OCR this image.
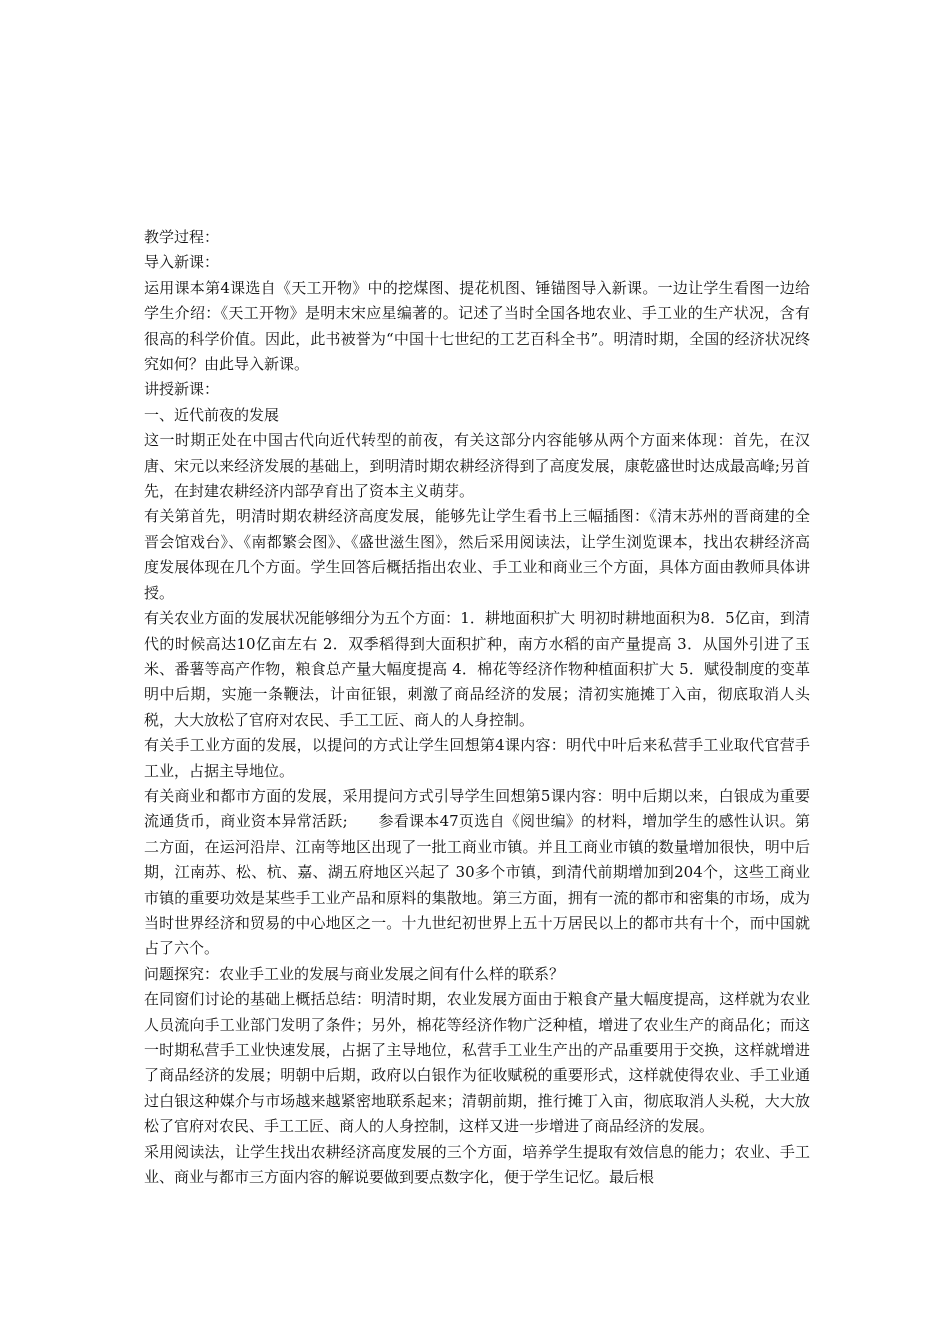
教学过程：

导入新课：

运用课本第4课选自《天工开物》中的挖煤图、提花机图、锤锚图导入新课。一边让学生看图一边给学生介绍：《天工开物》是明末宋应星编著的。记述了当时全国各地农业、手工业的生产状况，含有很高的科学价值。因此，此书被誉为“中国十七世纪的工艺百科全书”。明清时期，全国的经济状况终究如何？由此导入新课。

讲授新课：

一、近代前夜的发展

这一时期正处在中国古代向近代转型的前夜，有关这部分内容能够从两个方面来体现：首先，在汉唐、宋元以来经济发展的基础上，到明清时期农耕经济得到了高度发展，康乾盛世时达成最高峰;另首先，在封建农耕经济内部孕育出了资本主义萌芽。

有关第首先，明清时期农耕经济高度发展，能够先让学生看书上三幅插图：《清末苏州的晋商建的全晋会馆戏台》、《南都繁会图》、《盛世滋生图》，然后采用阅读法，让学生浏览课本，找出农耕经济高度发展体现在几个方面。学生回答后概括指出农业、手工业和商业三个方面，具体方面由教师具体讲授。

有关农业方面的发展状况能够细分为五个方面：1．耕地面积扩大 明初时耕地面积为8．5亿亩，到清代的时候高达10亿亩左右 2．双季稻得到大面积扩种，南方水稻的亩产量提高 3．从国外引进了玉米、番薯等高产作物，粮食总产量大幅度提高 4．棉花等经济作物种植面积扩大 5．赋役制度的变革 明中后期，实施一条鞭法，计亩征银，刺激了商品经济的发展；清初实施摊丁入亩，彻底取消人头税，大大放松了官府对农民、手工工匠、商人的人身控制。

有关手工业方面的发展，以提问的方式让学生回想第4课内容：明代中叶后来私营手工业取代官营手工业，占据主导地位。

有关商业和都市方面的发展，采用提问方式引导学生回想第5课内容：明中后期以来，白银成为重要流通货币，商业资本异常活跃;　　参看课本47页选自《阅世编》的材料，增加学生的感性认识。第二方面，在运河沿岸、江南等地区出现了一批工商业市镇。并且工商业市镇的数量增加很快，明中后期，江南苏、松、杭、嘉、湖五府地区兴起了 30多个市镇，到清代前期增加到204个，这些工商业市镇的重要功效是某些手工业产品和原料的集散地。第三方面，拥有一流的都市和密集的市场，成为当时世界经济和贸易的中心地区之一。十九世纪初世界上五十万居民以上的都市共有十个，而中国就占了六个。

问题探究：农业手工业的发展与商业发展之间有什么样的联系？

在同窗们讨论的基础上概括总结：明清时期，农业发展方面由于粮食产量大幅度提高，这样就为农业人员流向手工业部门发明了条件；另外，棉花等经济作物广泛种植，增进了农业生产的商品化；而这一时期私营手工业快速发展，占据了主导地位，私营手工业生产出的产品重要用于交换，这样就增进了商品经济的发展；明朝中后期，政府以白银作为征收赋税的重要形式，这样就使得农业、手工业通过白银这种媒介与市场越来越紧密地联系起来；清朝前期，推行摊丁入亩，彻底取消人头税，大大放松了官府对农民、手工工匠、商人的人身控制，这样又进一步增进了商品经济的发展。

采用阅读法，让学生找出农耕经济高度发展的三个方面，培养学生提取有效信息的能力；农业、手工业、商业与都市三方面内容的解说要做到要点数字化，便于学生记忆。最后根
